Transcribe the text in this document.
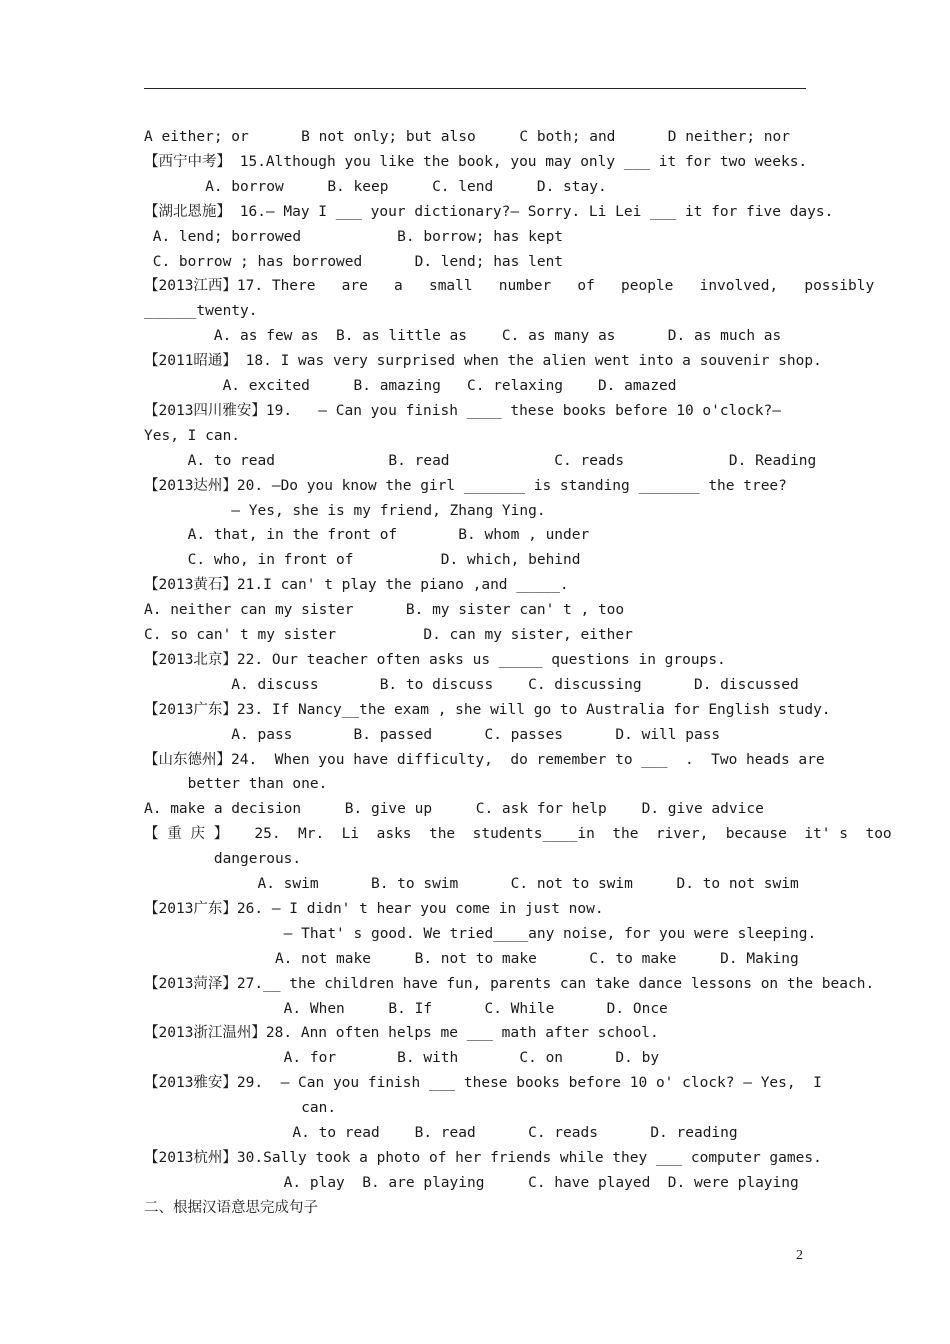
A either; or      B not only; but also     C both; and      D neither; nor
【西宁中考】 15.Although you like the book, you may only ___ it for two weeks.
A. borrow     B. keep     C. lend     D. stay.
【湖北恩施】 16.— May I ___ your dictionary?— Sorry. Li Lei ___ it for five days.
A. lend; borrowed           B. borrow; has kept
C. borrow ; has borrowed      D. lend; has lent
【2013江西】17. There   are   a   small   number   of   people   involved,   possibly
______twenty.
A. as few as  B. as little as    C. as many as      D. as much as
【2011昭通】 18. I was very surprised when the alien went into a souvenir shop.
A. excited     B. amazing   C. relaxing    D. amazed
【2013四川雅安】19.   — Can you finish ____ these books before 10 o'clock?—
Yes, I can.
A. to read             B. read            C. reads            D. Reading
【2013达州】20. —Do you know the girl _______ is standing _______ the tree?
— Yes, she is my friend, Zhang Ying.
A. that, in the front of       B. whom , under
C. who, in front of          D. which, behind
【2013黄石】21.I can' t play the piano ,and _____.
A. neither can my sister      B. my sister can' t , too
C. so can' t my sister          D. can my sister, either
【2013北京】22. Our teacher often asks us _____ questions in groups.
A. discuss       B. to discuss    C. discussing      D. discussed
【2013广东】23. If Nancy__the exam , she will go to Australia for English study.
A. pass       B. passed      C. passes      D. will pass
【山东德州】24.  When you have difficulty,  do remember to ___  .  Two heads are
better than one.
A. make a decision     B. give up     C. ask for help    D. give advice
【 重 庆 】   25.  Mr.  Li  asks  the  students____in  the  river,  because  it' s  too
dangerous.
A. swim      B. to swim      C. not to swim     D. to not swim
【2013广东】26. — I didn' t hear you come in just now.
— That' s good. We tried____any noise, for you were sleeping.
A. not make     B. not to make      C. to make     D. Making
【2013菏泽】27.__ the children have fun, parents can take dance lessons on the beach.
A. When     B. If      C. While      D. Once
【2013浙江温州】28. Ann often helps me ___ math after school.
A. for       B. with       C. on      D. by
【2013雅安】29.  — Can you finish ___ these books before 10 o' clock? — Yes,  I
can.
A. to read    B. read      C. reads      D. reading
【2013杭州】30.Sally took a photo of her friends while they ___ computer games.
A. play  B. are playing     C. have played  D. were playing
二、根据汉语意思完成句子
2
